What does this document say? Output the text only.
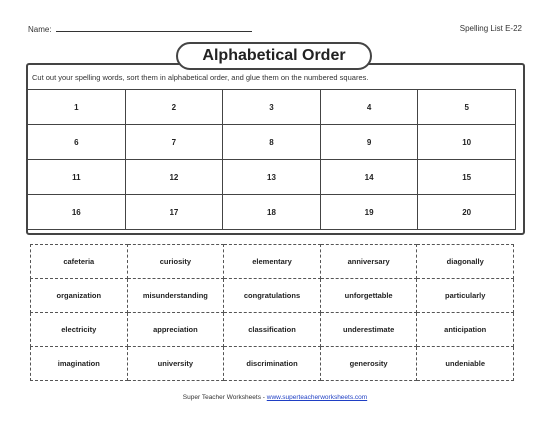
Name:	Spelling List E-22
Alphabetical Order
Cut out your spelling words, sort them in alphabetical order, and glue them on the numbered squares.
1	2	3	4	5
6	7	8	9	10
11	12	13	14	15
16	17	18	19	20
cafeteria	curiosity	elementary	anniversary	diagonally
organization	misunderstanding	congratulations	unforgettable	particularly
electricity	appreciation	classification	underestimate	anticipation
imagination	university	discrimination	generosity	undeniable
Super Teacher Worksheets - www.superteacherworksheets.com
